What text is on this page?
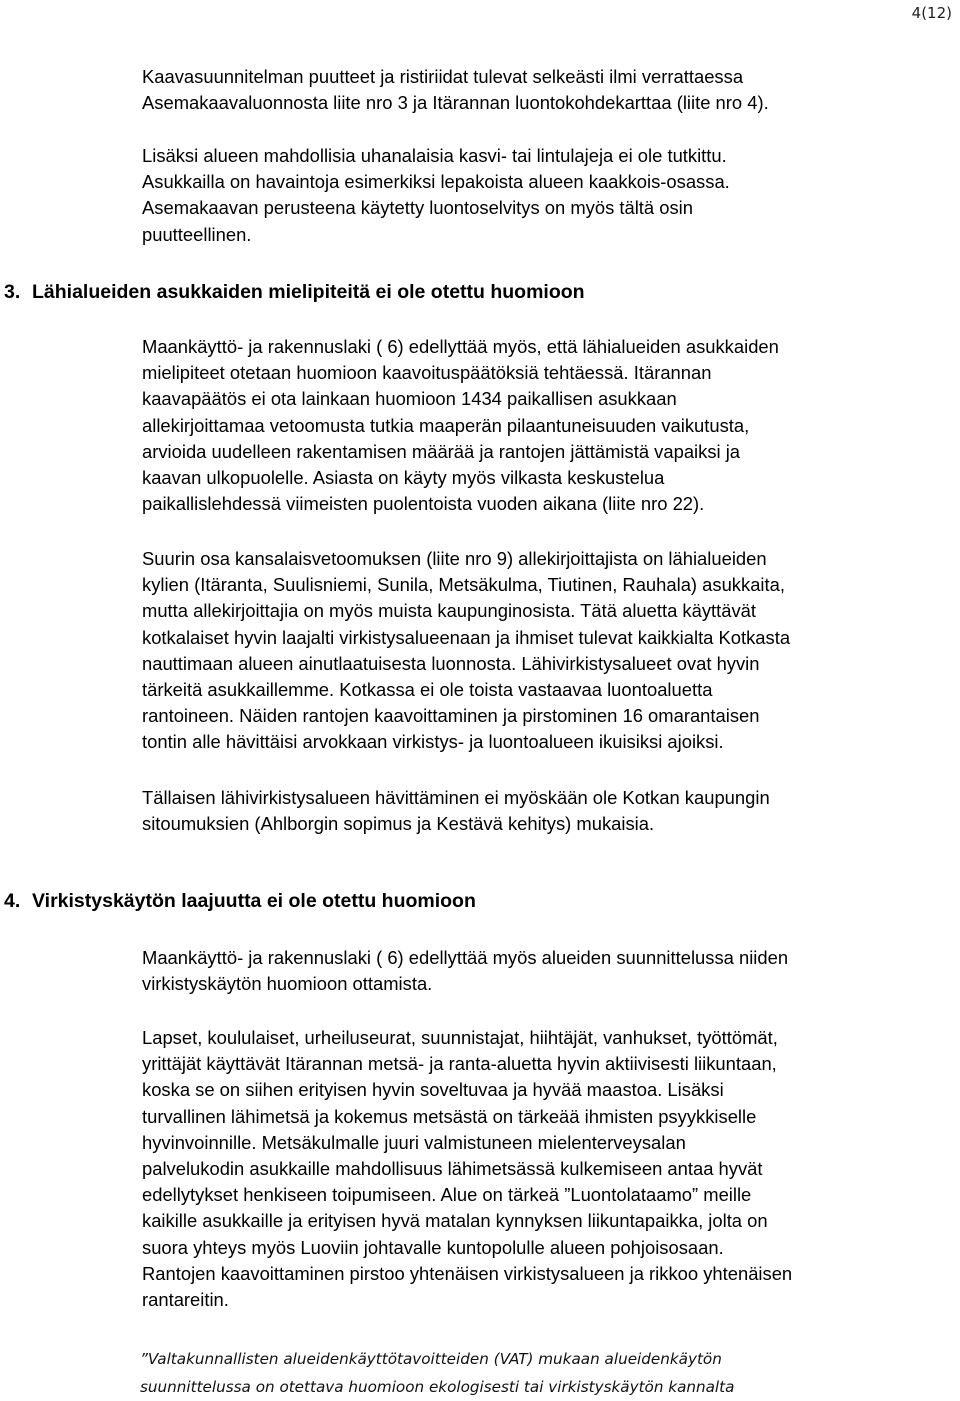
4(12)

Kaavasuunnitelman puutteet ja ristiriidat tulevat selkeästi ilmi verrattaessa
Asemakaavaluonnosta liite nro 3 ja Itärannan luontokohdekarttaa (liite nro 4).

Lisäksi alueen mahdollisia uhanalaisia kasvi- tai lintulajeja ei ole tutkittu.
Asukkailla on havaintoja esimerkiksi lepakoista alueen kaakkois-osassa.
Asemakaavan perusteena käytetty luontoselvitys on myös tältä osin
puutteellinen.

3. Lähialueiden asukkaiden mielipiteitä ei ole otettu huomioon

Maankäyttö- ja rakennuslaki ( 6) edellyttää myös, että lähialueiden asukkaiden
mielipiteet otetaan huomioon kaavoituspäätöksiä tehtäessä. Itärannan
kaavapäätös ei ota lainkaan huomioon 1434 paikallisen asukkaan
allekirjoittamaa vetoomusta tutkia maaperän pilaantuneisuuden vaikutusta,
arvioida uudelleen rakentamisen määrää ja rantojen jättämistä vapaiksi ja
kaavan ulkopuolelle. Asiasta on käyty myös vilkasta keskustelua
paikallislehdessä viimeisten puolentoista vuoden aikana (liite nro 22).

Suurin osa kansalaisvetoomuksen (liite nro 9) allekirjoittajista on lähialueiden
kylien (Itäranta, Suulisniemi, Sunila, Metsäkulma, Tiutinen, Rauhala) asukkaita,
mutta allekirjoittajia on myös muista kaupunginosista. Tätä aluetta käyttävät
kotkalaiset hyvin laajalti virkistysalueenaan ja ihmiset tulevat kaikkialta Kotkasta
nauttimaan alueen ainutlaatuisesta luonnosta. Lähivirkistysalueet ovat hyvin
tärkeitä asukkaillemme. Kotkassa ei ole toista vastaavaa luontoaluetta
rantoineen. Näiden rantojen kaavoittaminen ja pirstominen 16 omarantaisen
tontin alle hävittäisi arvokkaan virkistys- ja luontoalueen ikuisiksi ajoiksi.

Tällaisen lähivirkistysalueen hävittäminen ei myöskään ole Kotkan kaupungin
sitoumuksien (Ahlborgin sopimus ja Kestävä kehitys) mukaisia.

4. Virkistyskäytön laajuutta ei ole otettu huomioon

Maankäyttö- ja rakennuslaki ( 6) edellyttää myös alueiden suunnittelussa niiden
virkistyskäytön huomioon ottamista.

Lapset, koululaiset, urheiluseurat, suunnistajat, hiihtäjät, vanhukset, työttömät,
yrittäjät käyttävät Itärannan metsä- ja ranta-aluetta hyvin aktiivisesti liikuntaan,
koska se on siihen erityisen hyvin soveltuvaa ja hyvää maastoa. Lisäksi
turvallinen lähimetsä ja kokemus metsästä on tärkeää ihmisten psyykkiselle
hyvinvoinnille. Metsäkulmalle juuri valmistuneen mielenterveysalan
palvelukodin asukkaille mahdollisuus lähimetsässä kulkemiseen antaa hyvät
edellytykset henkiseen toipumiseen. Alue on tärkeä ”Luontolataamo” meille
kaikille asukkaille ja erityisen hyvä matalan kynnyksen liikuntapaikka, jolta on
suora yhteys myös Luoviin johtavalle kuntopolulle alueen pohjoisosaan.
Rantojen kaavoittaminen pirstoo yhtenäisen virkistysalueen ja rikkoo yhtenäisen
rantareitin.

”Valtakunnallisten alueidenkäyttötavoitteiden (VAT) mukaan alueidenkäytön
suunnittelussa on otettava huomioon ekologisesti tai virkistyskäytön kannalta
